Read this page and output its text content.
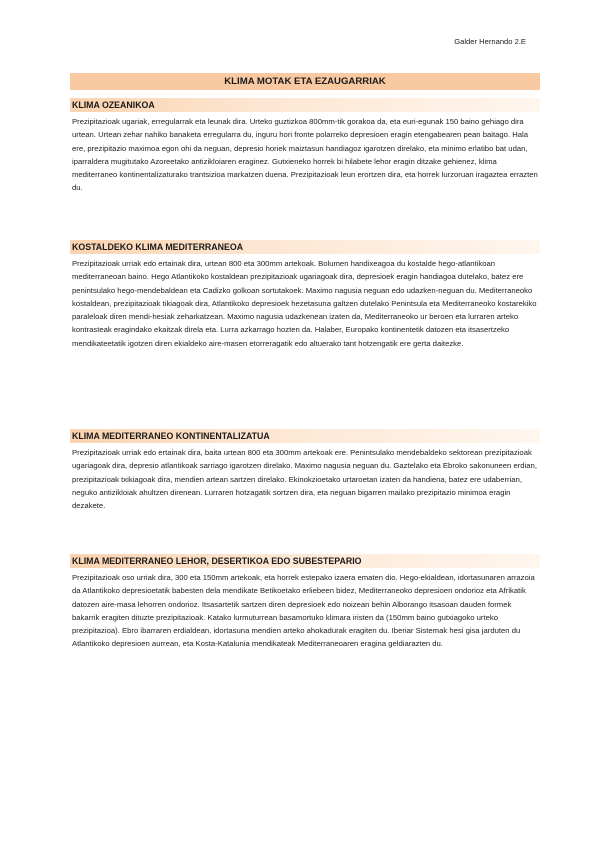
Galder Hernando 2.E
KLIMA MOTAK ETA EZAUGARRIAK
KLIMA OZEANIKOA
Prezipitazioak ugariak, erregularrak eta leunak dira. Urteko guztizkoa 800mm-tik gorakoa da, eta euri-egunak 150 baino gehiago dira urtean. Urtean zehar nahiko banaketa erregularra du, inguru hori fronte polarreko depresioen eragin etengabearen pean baitago. Hala ere, prezipitazio maximoa egon ohi da neguan, depresio horiek maiztasun handiagoz igarotzen direlako, eta minimo erlatibo bat udan, iparraldera mugitutako Azoreetako antizikloiaren eraginez. Gutxieneko horrek bi hilabete lehor eragin ditzake gehienez, klima mediterraneo kontinentalizaturako trantsizioa markatzen duena. Prezipitazioak leun erortzen dira, eta horrek lurzoruan iragaztea errazten du.
KOSTALDEKO KLIMA MEDITERRANEOA
Prezipitazioak urriak edo ertainak dira, urtean 800 eta 300mm artekoak. Bolumen handixeagoa du kostalde hego-atlantikoan mediterraneoan baino. Hego Atlantikoko kostaldean prezipitazioak ugariagoak dira, depresioek eragin handiagoa dutelako, batez ere penintsulako hego-mendebaldean eta Cadizko golkoan sortutakoek. Maximo nagusia neguan edo udazken-neguan du. Mediterraneoko kostaldean, prezipitazioak tikiagoak dira, Atlantikoko depresioek hezetasuna galtzen dutelako Penintsula eta Mediterraneoko kostarekiko paraleloak diren mendi-hesiak zeharkatzean. Maximo nagusia udazkenean izaten da, Mediterraneoko ur beroen eta lurraren arteko kontrasteak eragindako ekaitzak direla eta. Lurra azkarrago hozten da. Halaber, Europako kontinentetik datozen eta itsasertzeko mendikateetatik igotzen diren ekialdeko aire-masen etorreragatik edo altuerako tant hotzengatik ere gerta daitezke.
KLIMA MEDITERRANEO KONTINENTALIZATUA
Prezipitazioak urriak edo ertainak dira, baita urtean 800 eta 300mm artekoak ere. Penintsulako mendebaldeko sektorean prezipitazioak ugariagoak dira, depresio atlantikoak sarriago igarotzen direlako. Maximo nagusia neguan du. Gaztelako eta Ebroko sakonuneen erdian, prezipitazioak txikiagoak dira, mendien artean sartzen direlako. Ekinokzioetako urtaroetan izaten da handiena, batez ere udaberrian, neguko antizikloiak ahultzen direnean. Lurraren hotzagatik sortzen dira, eta neguan bigarren mailako prezipitazio minimoa eragin dezakete.
KLIMA MEDITERRANEO LEHOR, DESERTIKOA EDO SUBESTEPARIO
Prezipitazioak oso urriak dira, 300 eta 150mm artekoak, eta horrek estepako izaera ematen dio. Hego-ekialdean, idortasunaren arrazoia da Atlantikoko depresioetatik babesten dela mendikate Betikoetako erliebeen bidez, Mediterraneoko depresioen ondorioz eta Afrikatik datozen aire-masa lehorren ondorioz. Itsasartetik sartzen diren depresioek edo noizean behin Alborango itsasoan dauden formek bakarrik eragiten dituzte prezipitazioak. Katako lurmuturrean basamortuko klimara iristen da (150mm baino gutxiagoko urteko prezipitazioa). Ebro ibarraren erdialdean, idortasuna mendien arteko ahokadurak eragiten du. Iberiar Sistemak hesi gisa jarduten du Atlantikoko depresioen aurrean, eta Kosta-Katalunia mendikateak Mediterraneoaren eragina geldiarazten du.
